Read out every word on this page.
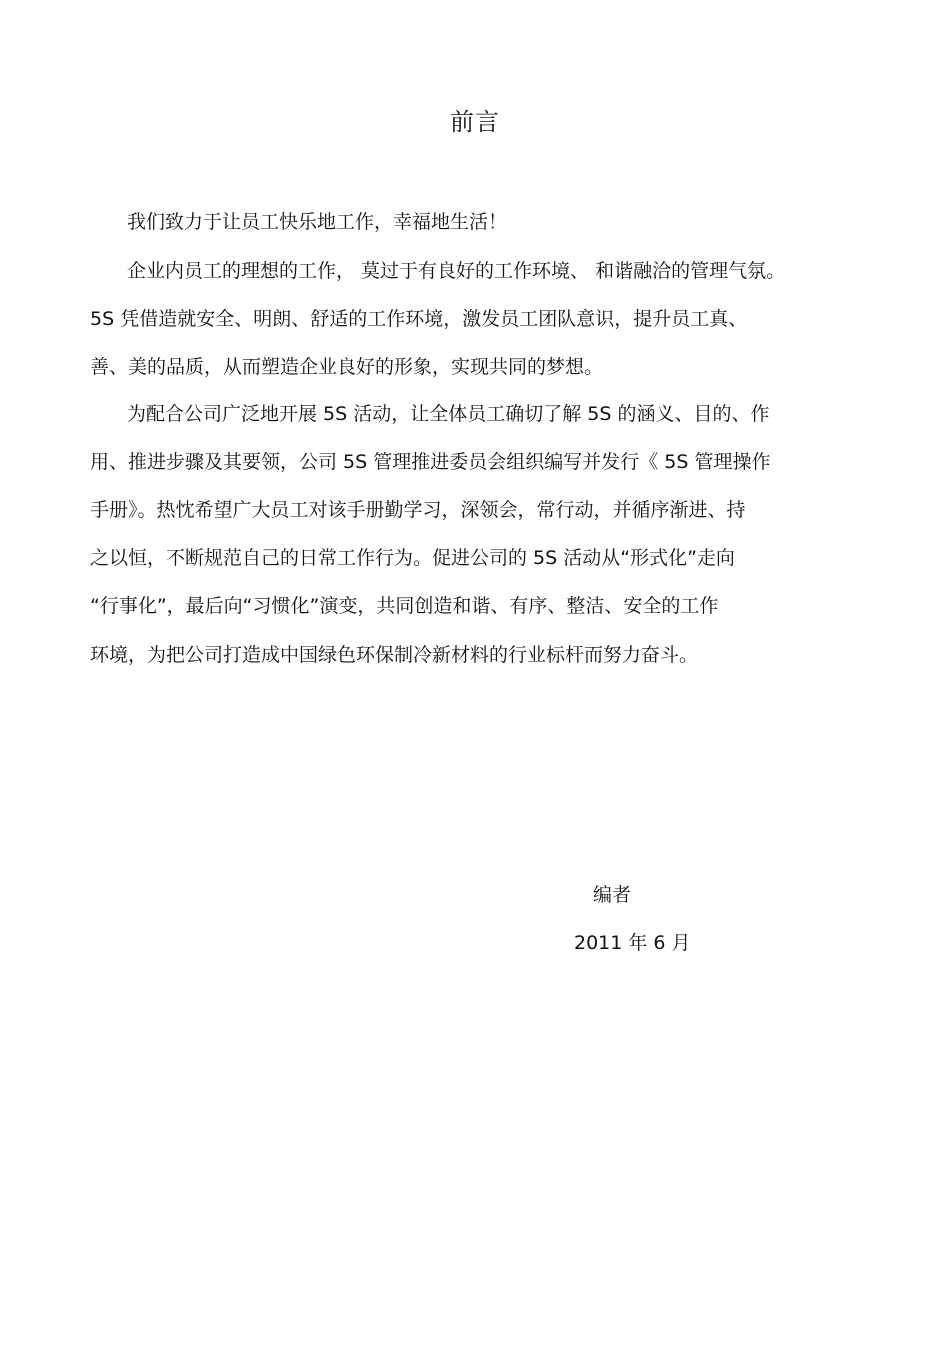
前言
我们致力于让员工快乐地工作，幸福地生活！
企业内员工的理想的工作， 莫过于有良好的工作环境、 和谐融洽的管理气氛。
5S 凭借造就安全、明朗、舒适的工作环境，激发员工团队意识，提升员工真、
善、美的品质，从而塑造企业良好的形象，实现共同的梦想。
为配合公司广泛地开展 5S 活动，让全体员工确切了解 5S 的涵义、目的、作
用、推进步骤及其要领，公司 5S 管理推进委员会组织编写并发行《 5S 管理操作
手册》。热忱希望广大员工对该手册勤学习，深领会，常行动，并循序渐进、持
之以恒，不断规范自己的日常工作行为。促进公司的 5S 活动从“形式化”走向
“行事化”，最后向“习惯化”演变，共同创造和谐、有序、整洁、安全的工作
环境，为把公司打造成中国绿色环保制冷新材料的行业标杆而努力奋斗。
编者
2011 年 6 月
